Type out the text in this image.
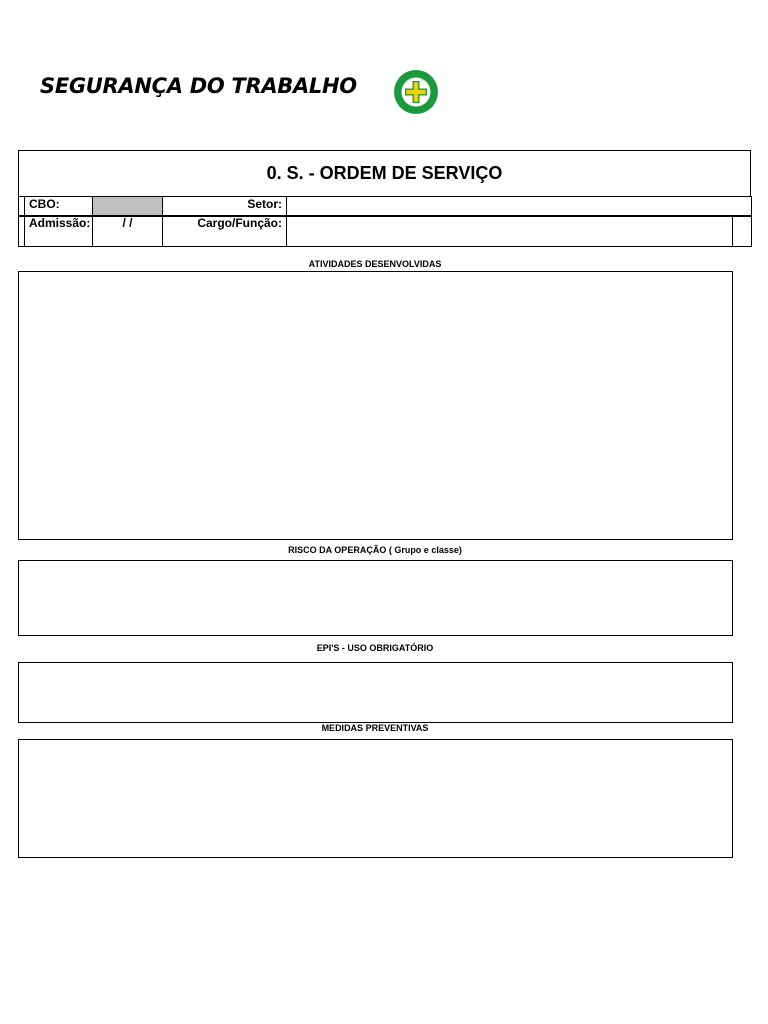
SEGURANÇA DO TRABALHO
0. S. - ORDEM DE SERVIÇO
	CBO:		Setor:	
	Admissão:	/ /	Cargo/Função:		
ATIVIDADES DESENVOLVIDAS
RISCO DA OPERAÇÃO ( Grupo e classe)
EPI'S - USO OBRIGATÓRIO
MEDIDAS PREVENTIVAS
